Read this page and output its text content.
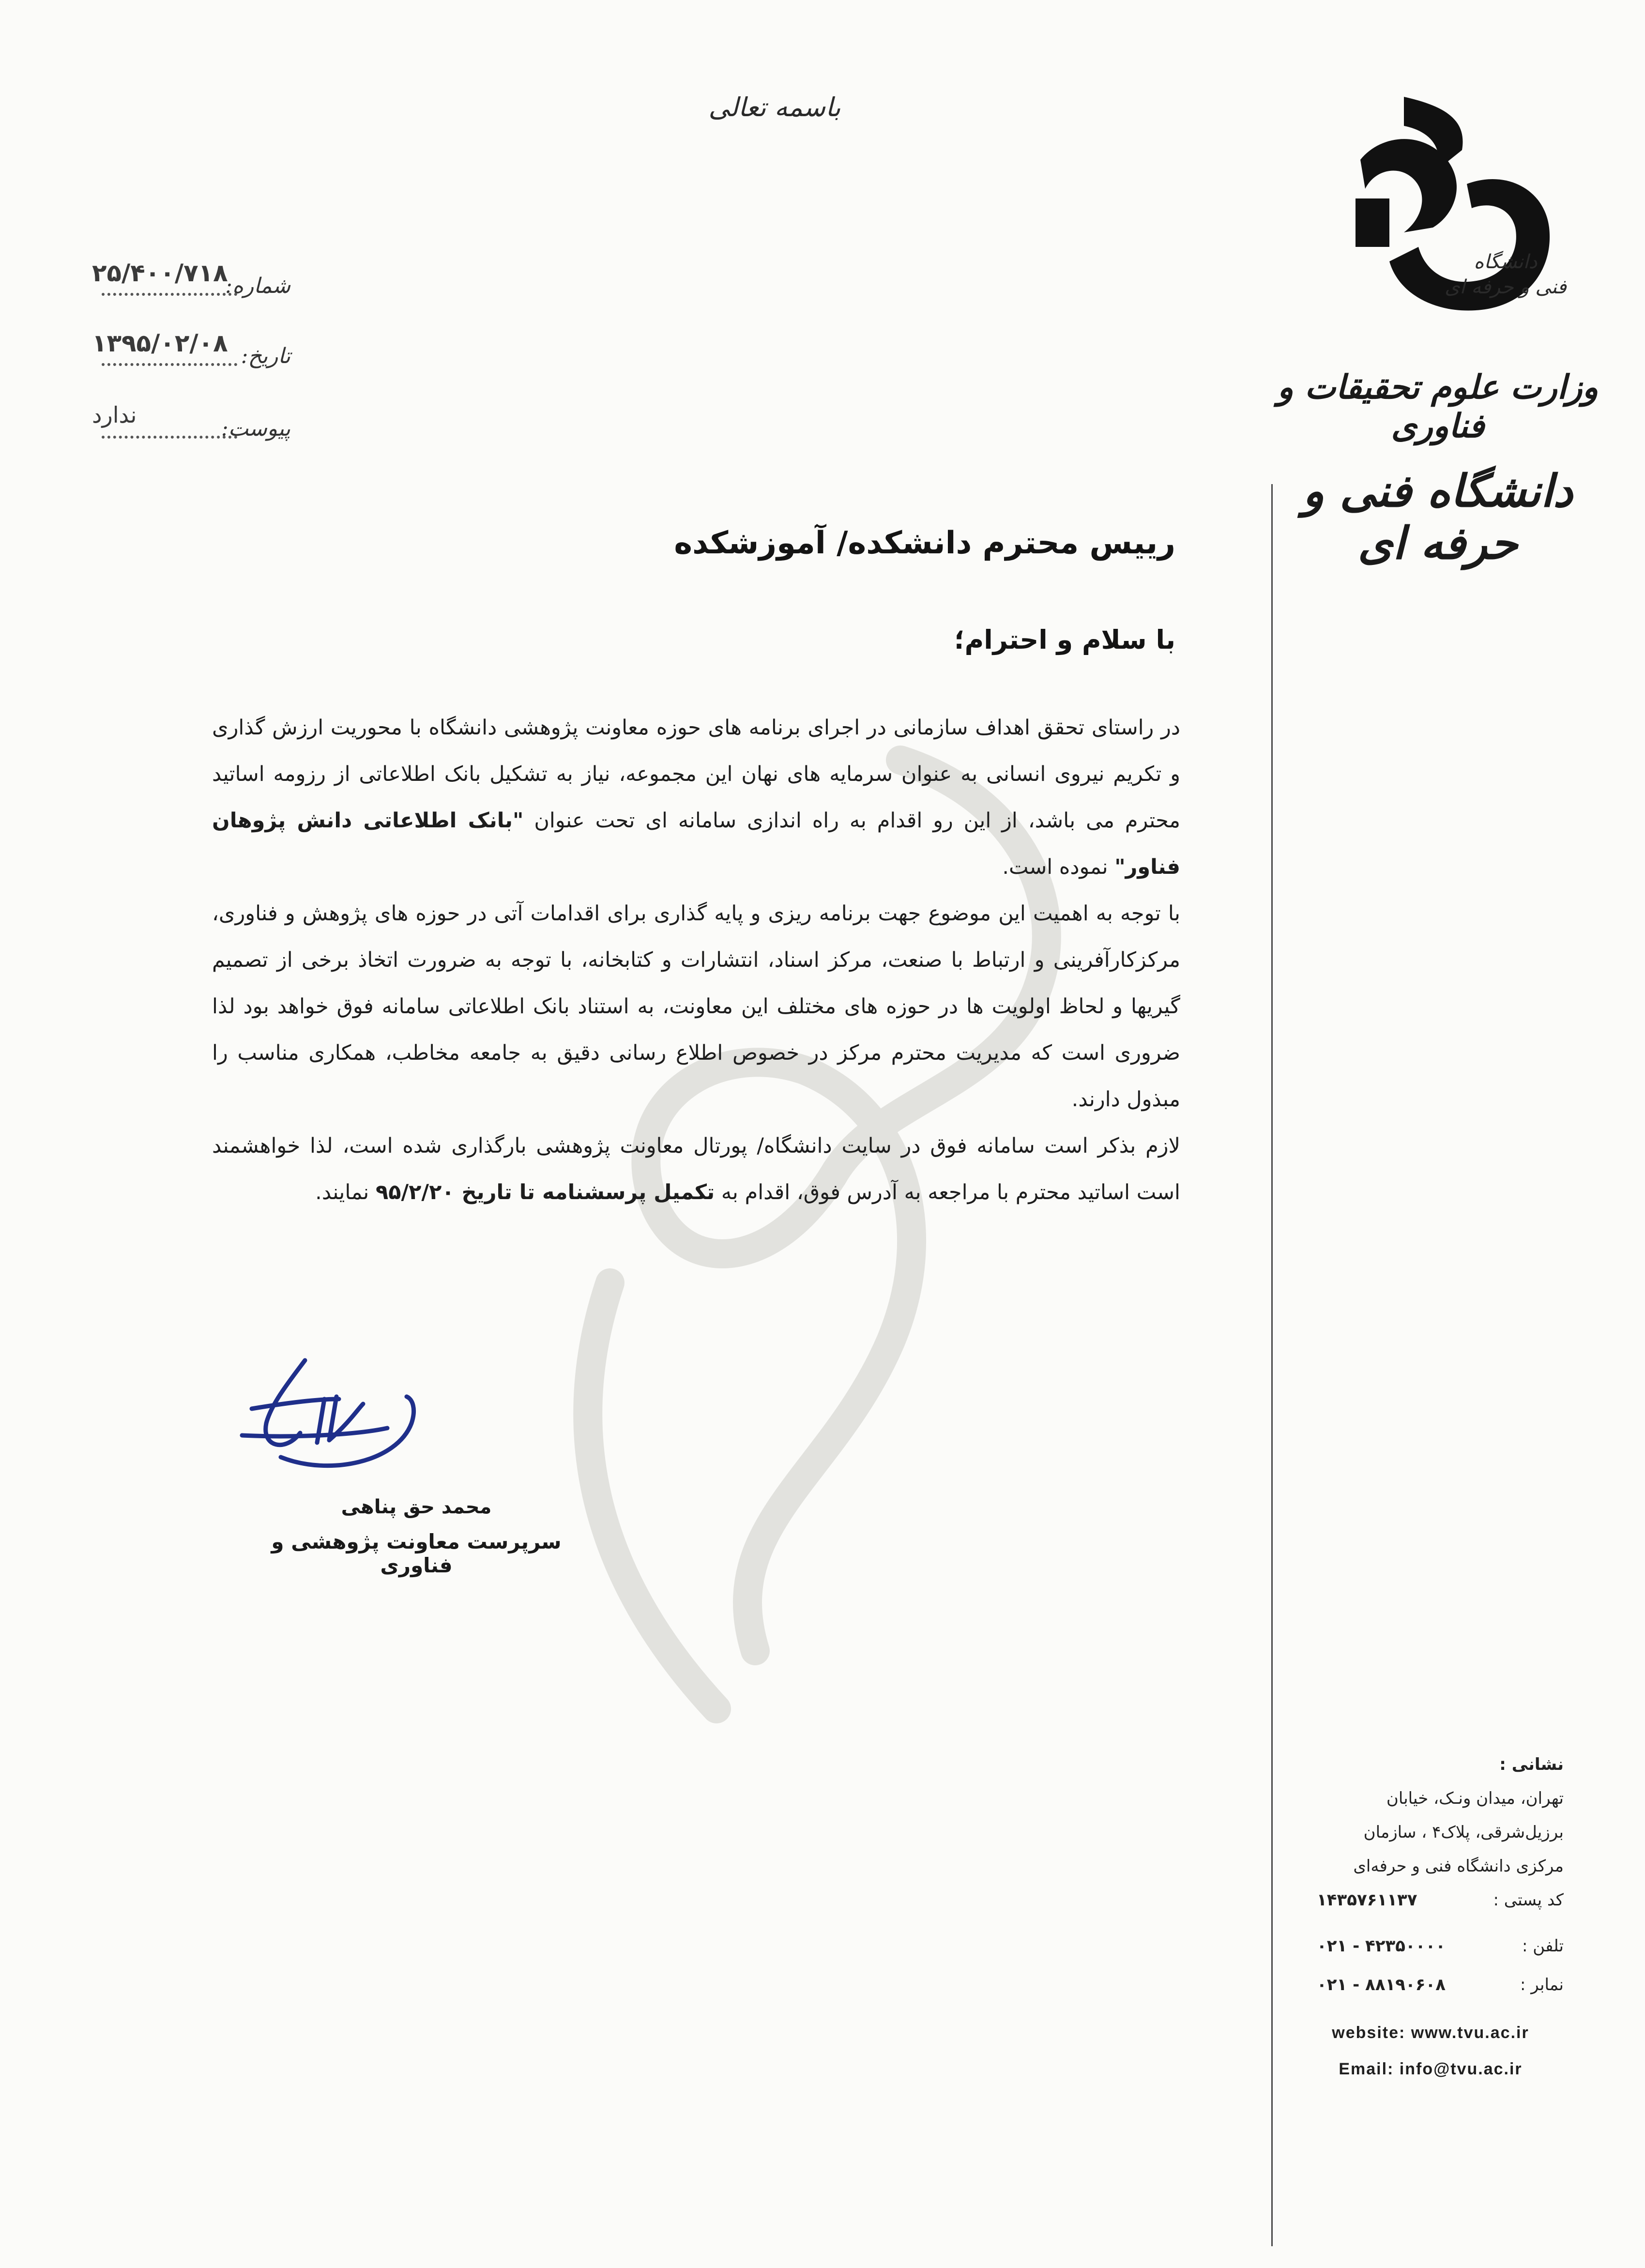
باسمه تعالی
دانشگاه
فنی و حرفه ای
وزارت علوم تحقیقات و فناوری
دانشگاه فنی و حرفه ای
شماره:
۲۵/۴۰۰/۷۱۸
تاریخ:
۱۳۹۵/۰۲/۰۸
پیوست:
ندارد
رییس محترم دانشکده/ آموزشکده
با سلام و احترام؛

در راستای تحقق اهداف سازمانی در اجرای برنامه های حوزه معاونت پژوهشی دانشگاه با محوریت ارزش گذاری و تکریم نیروی انسانی به عنوان سرمایه های نهان این مجموعه، نیاز به تشکیل بانک اطلاعاتی از رزومه اساتید محترم می باشد، از این رو اقدام به راه اندازی سامانه ای تحت عنوان "بانک اطلاعاتی دانش پژوهان فناور" نموده است.

با توجه به اهمیت این موضوع جهت برنامه ریزی و پایه گذاری برای اقدامات آتی در حوزه های پژوهش و فناوری، مرکزکارآفرینی و ارتباط با صنعت، مرکز اسناد، انتشارات و کتابخانه، با توجه به ضرورت اتخاذ برخی از تصمیم گیریها و لحاظ اولویت ها در حوزه های مختلف این معاونت، به استناد بانک اطلاعاتی سامانه فوق خواهد بود لذا ضروری است که مدیریت محترم مرکز در خصوص اطلاع رسانی دقیق به جامعه مخاطب، همکاری مناسب را مبذول دارند.

لازم بذکر است سامانه فوق در سایت دانشگاه/ پورتال معاونت پژوهشی بارگذاری شده است، لذا خواهشمند است اساتید محترم با مراجعه به آدرس فوق، اقدام به تکمیل پرسشنامه تا تاریخ ۹۵/۲/۲۰ نمایند.

محمد حق پناهی
سرپرست معاونت پژوهشی و فناوری
نشانی :
تهران، میدان ونـک، خیابان
برزیل‌شرقی، پلاک۴ ، سازمان
مرکزی دانشگاه فنی و حرفه‌ای
کد پستی :
۱۴۳۵۷۶۱۱۳۷
تلفن :
۰۲۱ - ۴۲۳۵۰۰۰۰
نمابر :
۰۲۱ - ۸۸۱۹۰۶۰۸
website: www.tvu.ac.ir
Email: info@tvu.ac.ir
